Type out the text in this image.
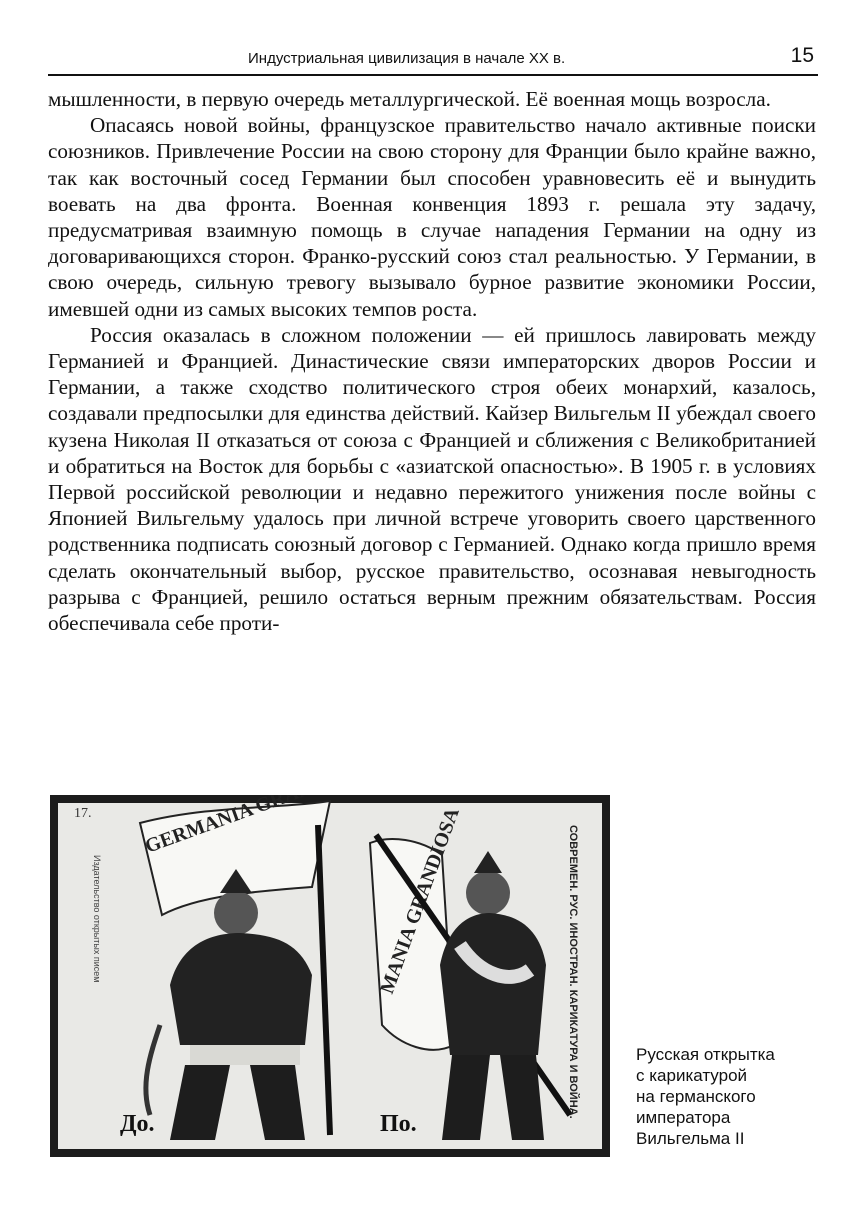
Индустриальная цивилизация в начале XX в.	15

мышленности, в первую очередь металлургической. Её военная мощь возросла.

Опасаясь новой войны, французское правительство начало активные поиски союзников. Привлечение России на свою сторону для Франции было крайне важно, так как восточный сосед Германии был способен уравновесить её и вынудить воевать на два фронта. Военная конвенция 1893 г. решала эту задачу, предусматривая взаимную помощь в случае нападения Германии на одну из договаривающихся сторон. Франко-русский союз стал реальностью. У Германии, в свою очередь, сильную тревогу вызывало бурное развитие экономики России, имевшей одни из самых высоких темпов роста.

Россия оказалась в сложном положении — ей пришлось лавировать между Германией и Францией. Династические связи императорских дворов России и Германии, а также сходство политического строя обеих монархий, казалось, создавали предпосылки для единства действий. Кайзер Вильгельм II убеждал своего кузена Николая II отказаться от союза с Францией и сближения с Великобританией и обратиться на Восток для борьбы с «азиатской опасностью». В 1905 г. в условиях Первой российской революции и недавно пережитого унижения после войны с Японией Вильгельму удалось при личной встрече уговорить своего царственного родственника подписать союзный договор с Германией. Однако когда пришло время сделать окончательный выбор, русское правительство, осознавая невыгодность разрыва с Францией, решило остаться верным прежним обязательствам. Россия обеспечивала себе проти-

GERMANIA
17.
До.	По.
СОВРЕМЕН. РУС. ИНОСТРАН. КАРИКАТУРА И ВОЙНА.
Издательство открытых писем
Русская открытка
с карикатурой
на германского
императора
Вильгельма II
